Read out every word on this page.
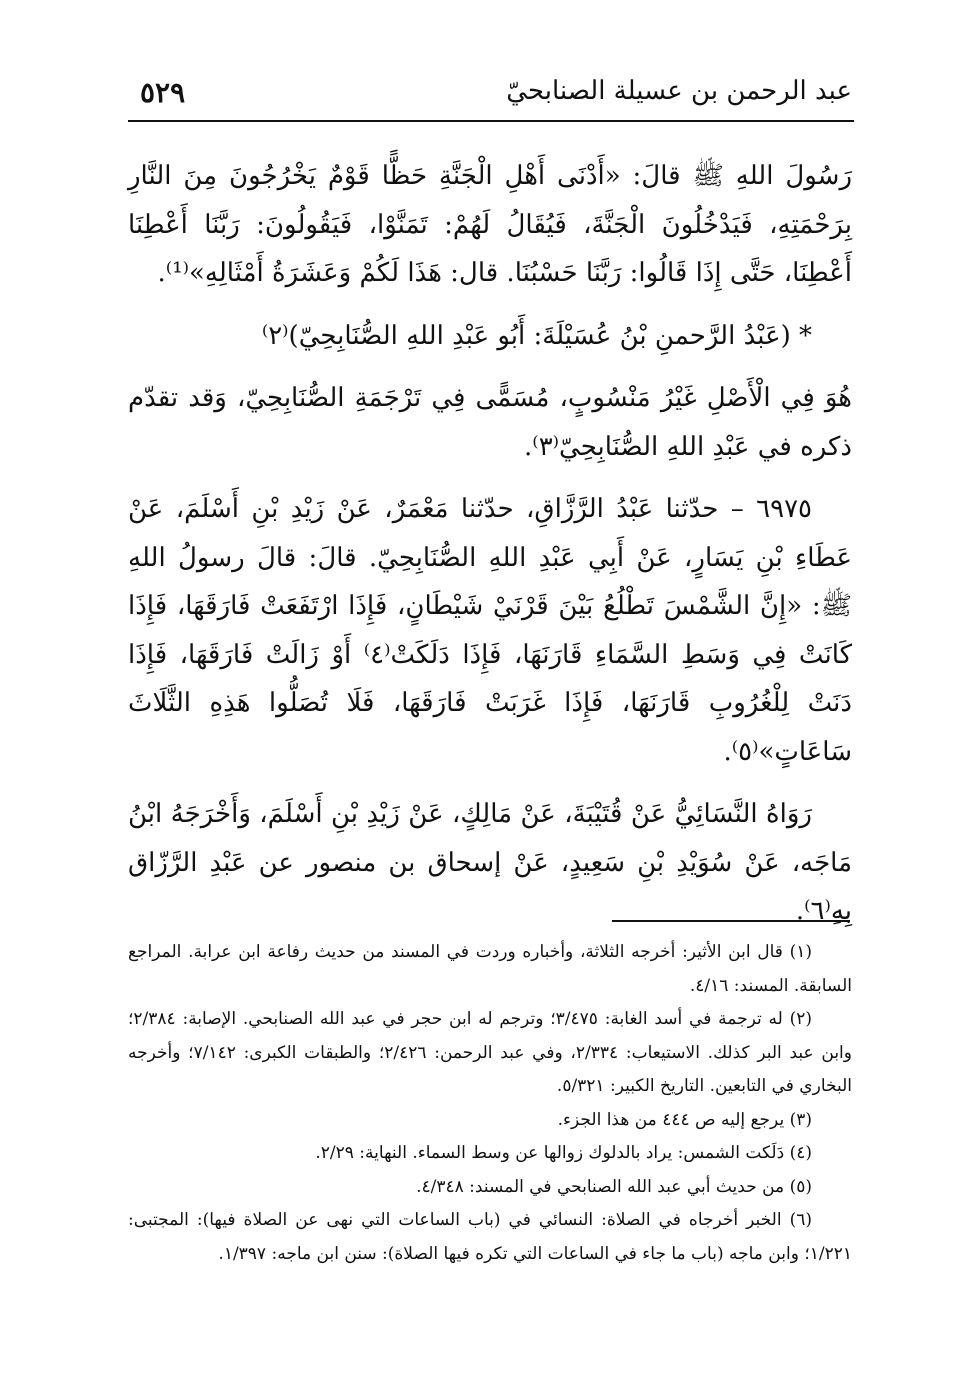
عبد الرحمن بن عسيلة الصنابحيّ
٥٢٩

رَسُولَ اللهِ ﷺ قالَ: «أَدْنَى أَهْلِ الْجَنَّةِ حَظًّا قَوْمٌ يَخْرُجُونَ مِنَ النَّارِ بِرَحْمَتِهِ، فَيَدْخُلُونَ الْجَنَّةَ، فَيُقَالُ لَهُمْ: تَمَنَّوْا، فَيَقُولُونَ: رَبَّنَا أَعْطِنَا أَعْطِنَا، حَتَّى إِذَا قَالُوا: رَبَّنَا حَسْبُنَا. قال: هَذَا لَكُمْ وَعَشَرَةُ أَمْثَالِهِ»⁽¹⁾.

* (عَبْدُ الرَّحمنِ بْنُ عُسَيْلَةَ: أَبُو عَبْدِ اللهِ الصُّنَابِحِيّ)⁽٢⁾

هُوَ فِي الْأَصْلِ غَيْرُ مَنْسُوبٍ، مُسَمًّى فِي تَرْجَمَةِ الصُّنَابِحِيّ، وَقد تقدّم ذكره في عَبْدِ اللهِ الصُّنَابِحِيّ⁽٣⁾.

٦٩٧٥ – حدّثنا عَبْدُ الرَّزَّاقِ، حدّثنا مَعْمَرٌ، عَنْ زَيْدِ بْنِ أَسْلَمَ، عَنْ عَطَاءِ بْنِ يَسَارٍ، عَنْ أَبِي عَبْدِ اللهِ الصُّنَابِحِيّ. قالَ: قالَ رسولُ اللهِ ﷺ: «إِنَّ الشَّمْسَ تَطْلُعُ بَيْنَ قَرْنَيْ شَيْطَانٍ، فَإِذَا ارْتَفَعَتْ فَارَقَهَا، فَإِذَا كَانَتْ فِي وَسَطِ السَّمَاءِ قَارَنَهَا، فَإِذَا دَلَكَتْ⁽٤⁾ أَوْ زَالَتْ فَارَقَهَا، فَإِذَا دَنَتْ لِلْغُرُوبِ قَارَنَهَا، فَإِذَا غَرَبَتْ فَارَقَهَا، فَلَا تُصَلُّوا هَذِهِ الثَّلَاثَ سَاعَاتٍ»⁽٥⁾.

رَوَاهُ النَّسَائِيُّ عَنْ قُتَيْبَةَ، عَنْ مَالِكٍ، عَنْ زَيْدِ بْنِ أَسْلَمَ، وَأَخْرَجَهُ ابْنُ مَاجَه، عَنْ سُوَيْدِ بْنِ سَعِيدٍ، عَنْ إسحاق بن منصور عن عَبْدِ الرَّزّاق بِهِ⁽٦⁾.

(١) قال ابن الأثير: أخرجه الثلاثة، وأخباره وردت في المسند من حديث رفاعة ابن عرابة. المراجع السابقة. المسند: ٤/١٦.

(٢) له ترجمة في أسد الغابة: ٣/٤٧٥؛ وترجم له ابن حجر في عبد الله الصنابحي. الإصابة: ٢/٣٨٤؛ وابن عبد البر كذلك. الاستيعاب: ٢/٣٣٤، وفي عبد الرحمن: ٢/٤٢٦؛ والطبقات الكبرى: ٧/١٤٢؛ وأخرجه البخاري في التابعين. التاريخ الكبير: ٥/٣٢١.

(٣) يرجع إليه ص ٤٤٤ من هذا الجزء.

(٤) دَلَكت الشمس: يراد بالدلوك زوالها عن وسط السماء. النهاية: ٢/٢٩.

(٥) من حديث أبي عبد الله الصنابحي في المسند: ٤/٣٤٨.

(٦) الخبر أخرجاه في الصلاة: النسائي في (باب الساعات التي نهى عن الصلاة فيها): المجتبى: ١/٢٢١؛ وابن ماجه (باب ما جاء في الساعات التي تكره فيها الصلاة): سنن ابن ماجه: ١/٣٩٧.
